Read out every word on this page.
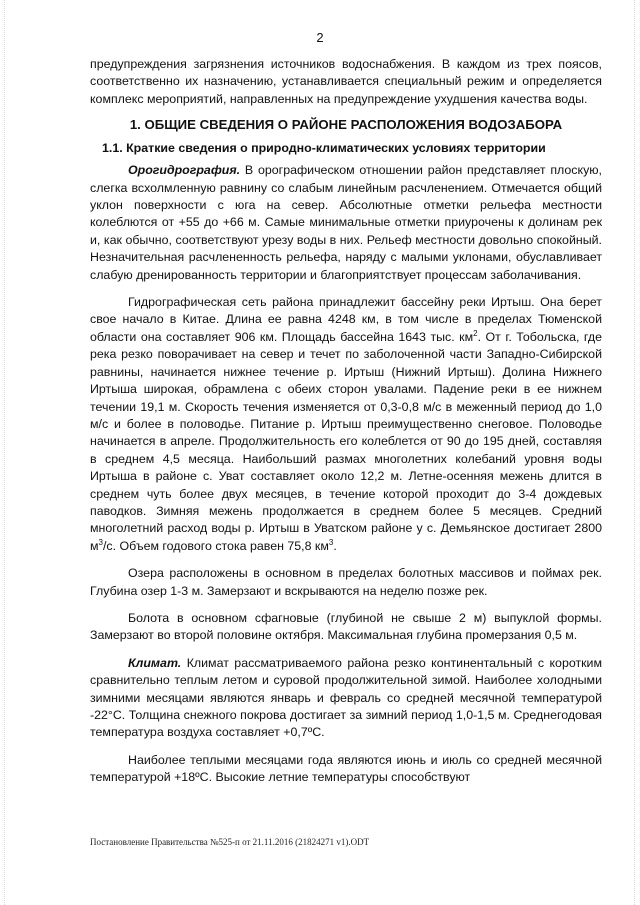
2

предупреждения загрязнения источников водоснабжения. В каждом из трех поясов, соответственно их назначению, устанавливается специальный режим и определяется комплекс мероприятий, направленных на предупреждение ухудшения качества воды.

1. ОБЩИЕ СВЕДЕНИЯ О РАЙОНЕ РАСПОЛОЖЕНИЯ ВОДОЗАБОРА
1.1. Краткие сведения о природно-климатических условиях территории

Орогидрография. В орографическом отношении район представляет плоскую, слегка всхолмленную равнину со слабым линейным расчленением. Отмечается общий уклон поверхности с юга на север. Абсолютные отметки рельефа местности колеблются от +55 до +66 м. Самые минимальные отметки приурочены к долинам рек и, как обычно, соответствуют урезу воды в них. Рельеф местности довольно спокойный. Незначительная расчлененность рельефа, наряду с малыми уклонами, обуславливает слабую дренированность территории и благоприятствует процессам заболачивания.

Гидрографическая сеть района принадлежит бассейну реки Иртыш. Она берет свое начало в Китае. Длина ее равна 4248 км, в том числе в пределах Тюменской области она составляет 906 км. Площадь бассейна 1643 тыс. $км^2$. От г. Тобольска, где река резко поворачивает на север и течет по заболоченной части Западно-Сибирской равнины, начинается нижнее течение р. Иртыш (Нижний Иртыш). Долина Нижнего Иртыша широкая, обрамлена с обеих сторон увалами. Падение реки в ее нижнем течении 19,1 м. Скорость течения изменяется от 0,3-0,8 м/с в меженный период до 1,0 м/с и более в половодье. Питание р. Иртыш преимущественно снеговое. Половодье начинается в апреле. Продолжительность его колеблется от 90 до 195 дней, составляя в среднем 4,5 месяца. Наибольший размах многолетних колебаний уровня воды Иртыша в районе с. Уват составляет около 12,2 м. Летне-осенняя межень длится в среднем чуть более двух месяцев, в течение которой проходит до 3-4 дождевых паводков. Зимняя межень продолжается в среднем более 5 месяцев. Средний многолетний расход воды р. Иртыш в Уватском районе у с. Демьянское достигает 2800 $м^3/с$. Объем годового стока равен 75,8 $км^3$.

Озера расположены в основном в пределах болотных массивов и поймах рек. Глубина озер 1-3 м. Замерзают и вскрываются на неделю позже рек.

Болота в основном сфагновые (глубиной не свыше 2 м) выпуклой формы. Замерзают во второй половине октября. Максимальная глубина промерзания 0,5 м.

Климат. Климат рассматриваемого района резко континентальный с коротким сравнительно теплым летом и суровой продолжительной зимой. Наиболее холодными зимними месяцами являются январь и февраль со средней месячной температурой -22°С. Толщина снежного покрова достигает за зимний период 1,0-1,5 м. Среднегодовая температура воздуха составляет +0,7ºС.

Наиболее теплыми месяцами года являются июнь и июль со средней месячной температурой +18ºС. Высокие летние температуры способствуют

Постановление Правительства №525-п от 21.11.2016 (21824271 v1).ODT
